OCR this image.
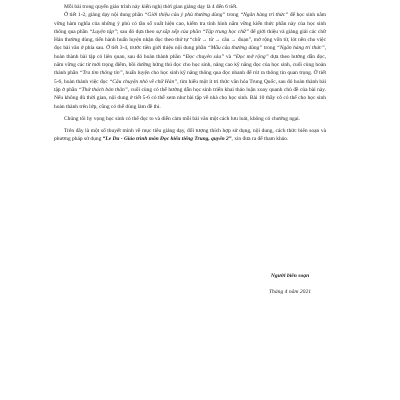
Mỗi bài trong quyển giáo trình này kiến nghị thời gian giảng dạy là 4 đến 6 tiết.

Ở tiết 1-2, giảng dạy nội dung phần “Giới thiệu câu ý phù thường dùng” trong “Ngân hàng tri thức” để học sinh nắm vững hàm nghĩa của những ý phù có tần số xuất hiện cao, kiểm tra tình hình nắm vững kiến thức phần này của học sinh thông qua phần “Luyện tập”; sau đó dựa theo sự sắp xếp của phần “Tập trung học chữ” để giới thiệu và giảng giải các chữ Hán thường dùng, tiến hành huấn luyện nhận đọc theo thứ tự “chữ → từ → câu → đoạn”, mở rộng vốn từ, lót nền cho việc đọc bài văn ở phía sau. Ở tiết 3-4, trước tiên giới thiệu nội dung phần “Mẫu câu thường dùng” trong “Ngân hàng tri thức”, hoàn thành bài tập có liên quan, sau đó hoàn thành phần “Đọc chuyên sâu” và “Đọc mở rộng” dựa theo hướng dẫn đọc, nắm vững các từ mới trọng điểm, bồi dưỡng hứng thú đọc cho học sinh, nâng cao kỹ năng đọc của học sinh, cuối cùng hoàn thành phần “Tra tìm thông tin”, huấn luyện cho học sinh kỹ năng thông qua đọc nhanh để rút ra thông tin quan trọng. Ở tiết 5-6, hoàn thành việc đọc “Câu chuyện nhỏ về chữ Hán”, tìm hiểu một ít tri thức văn hóa Trung Quốc, sau đó hoàn thành bài tập ở phần “Thử thách bản thân”, cuối cùng có thể hướng dẫn học sinh triển khai thảo luận xoay quanh chủ đề của bài này. Nếu không đủ thời gian, nội dung ở tiết 5-6 có thể xem như bài tập về nhà cho học sinh. Bài 10 thầy cô có thể cho học sinh hoàn thành trên lớp, cũng có thể dùng làm đề thi.

Chúng tôi hy vọng học sinh có thể đọc to và diễn cảm mỗi bài văn một cách lưu loát, không có chướng ngại.

Trên đây là một số thuyết minh về mục tiêu giảng dạy, đối tượng thích hợp sử dụng, nội dung, cách thức biên soạn và phương pháp sử dụng “Le Du - Giáo trình môn Đọc hiểu tiếng Trung, quyển 2”, xin đưa ra để tham khảo.

Người biên soạn
Tháng 4 năm 2021
